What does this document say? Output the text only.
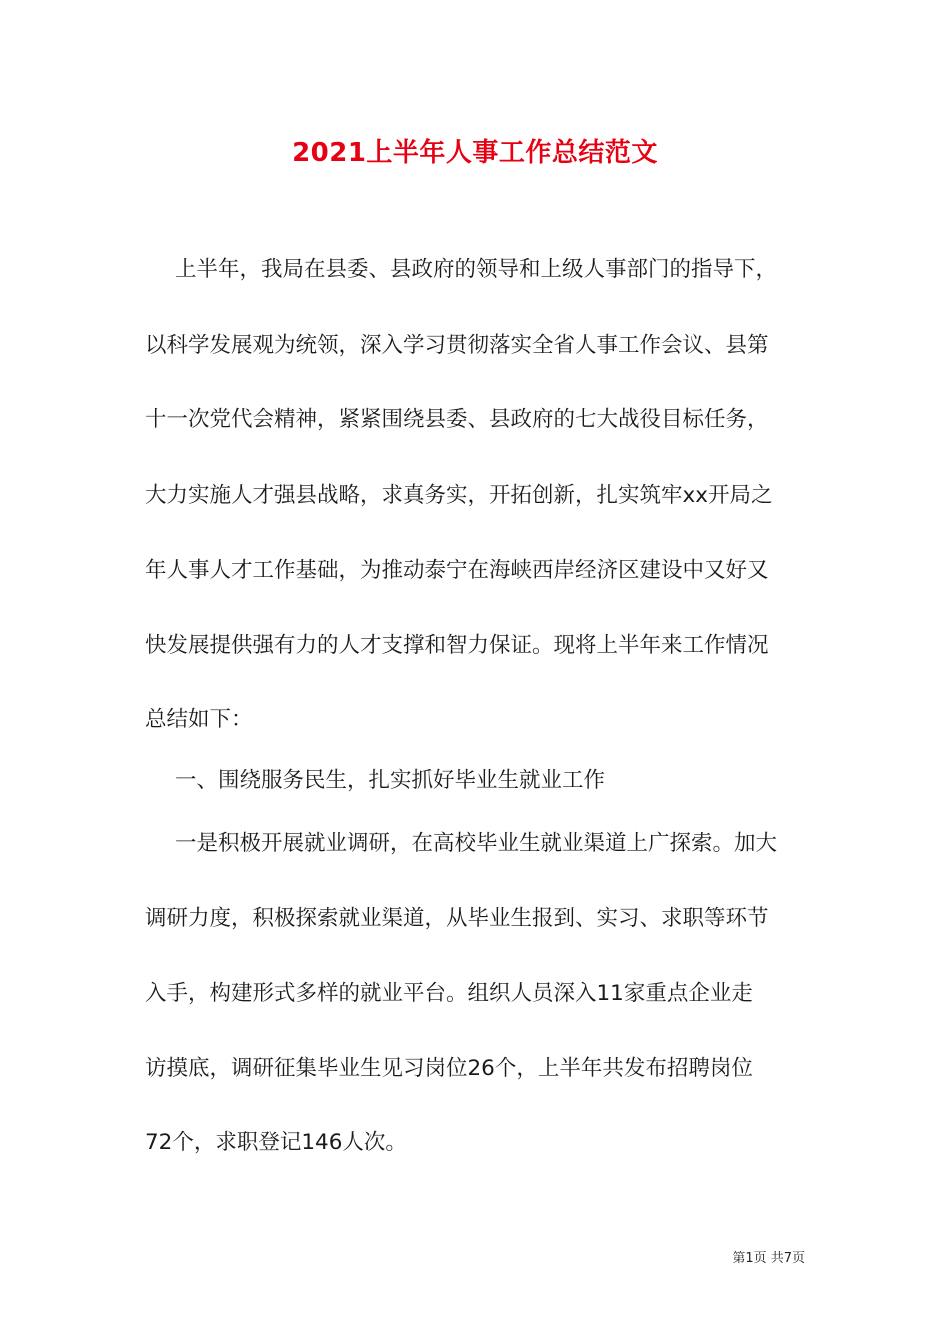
2021上半年人事工作总结范文
上半年，我局在县委、县政府的领导和上级人事部门的指导下，
以科学发展观为统领，深入学习贯彻落实全省人事工作会议、县第
十一次党代会精神，紧紧围绕县委、县政府的七大战役目标任务，
大力实施人才强县战略，求真务实，开拓创新，扎实筑牢xx开局之
年人事人才工作基础，为推动泰宁在海峡西岸经济区建设中又好又
快发展提供强有力的人才支撑和智力保证。现将上半年来工作情况
总结如下：
一、围绕服务民生，扎实抓好毕业生就业工作
一是积极开展就业调研，在高校毕业生就业渠道上广探索。加大
调研力度，积极探索就业渠道，从毕业生报到、实习、求职等环节
入手，构建形式多样的就业平台。组织人员深入11家重点企业走
访摸底，调研征集毕业生见习岗位26个，上半年共发布招聘岗位
72个，求职登记146人次。
第1页 共7页
